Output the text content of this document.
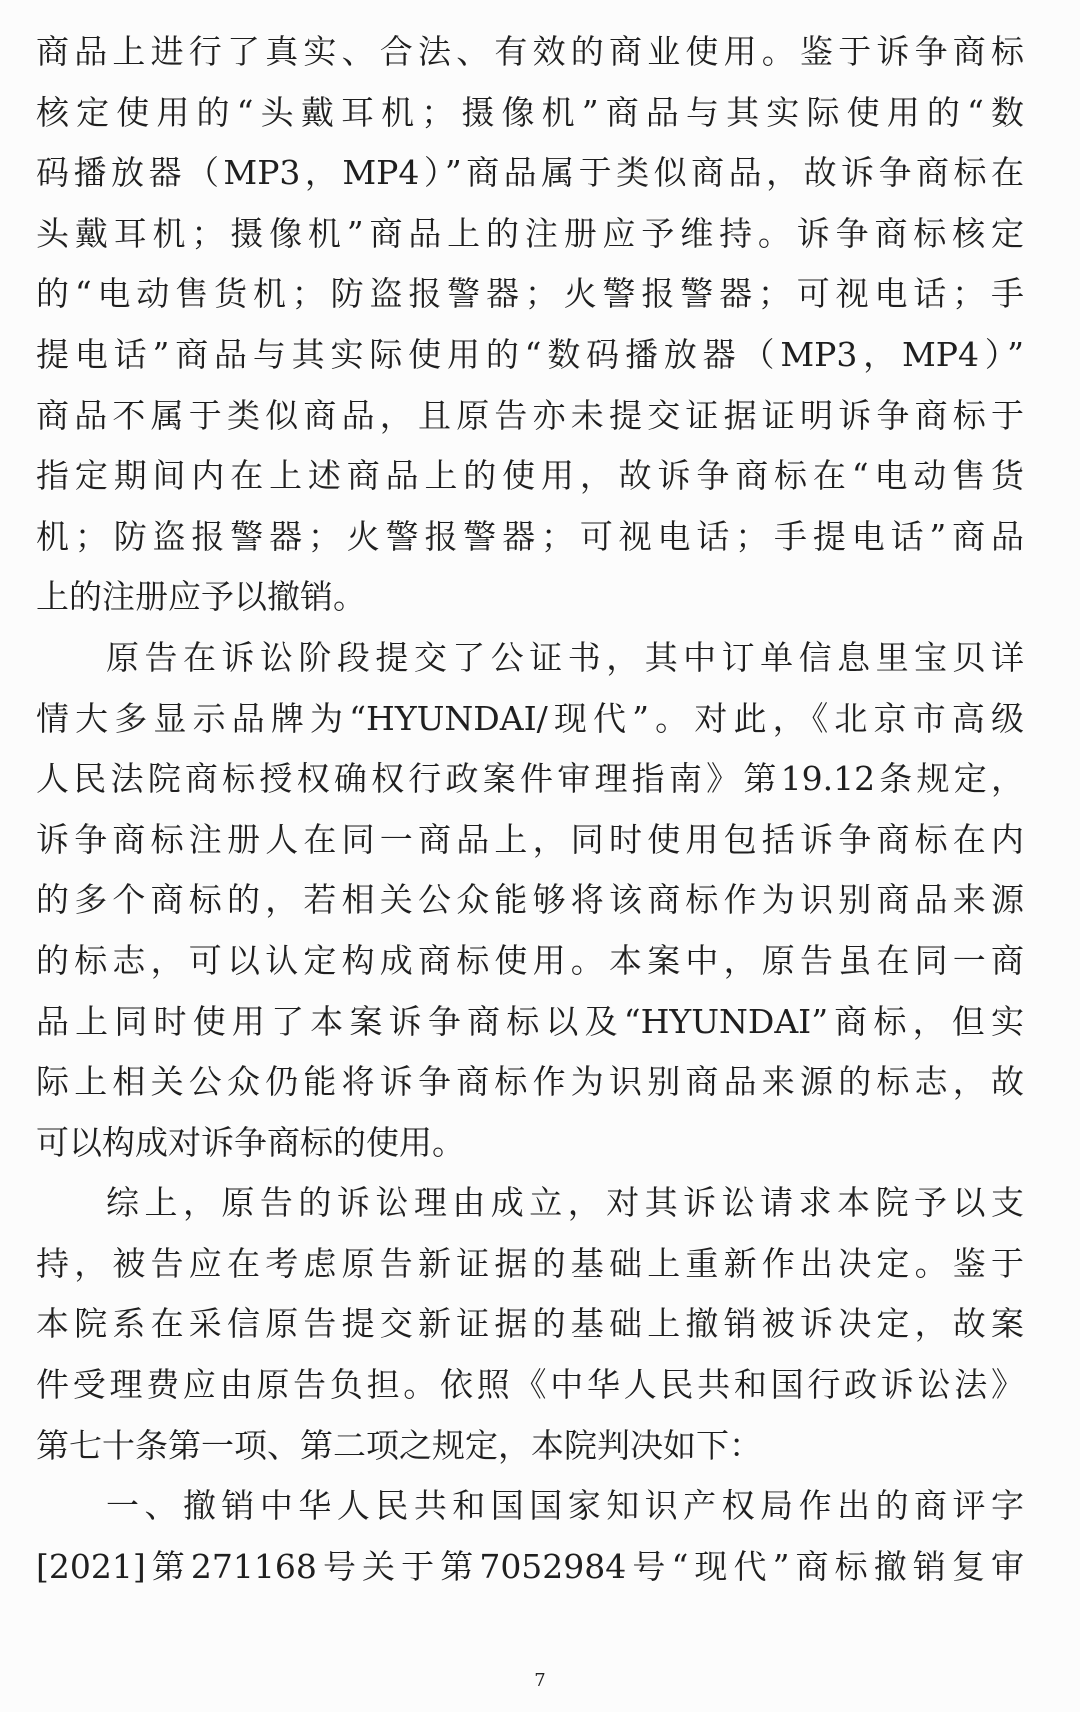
商品上进行了真实、合法、有效的商业使用。鉴于诉争商标
核定使用的“头戴耳机；摄像机”商品与其实际使用的“数
码播放器（MP3，MP4）”商品属于类似商品，故诉争商标在
头戴耳机；摄像机”商品上的注册应予维持。诉争商标核定
的“电动售货机；防盗报警器；火警报警器；可视电话；手
提电话”商品与其实际使用的“数码播放器（MP3，MP4）”
商品不属于类似商品，且原告亦未提交证据证明诉争商标于
指定期间内在上述商品上的使用，故诉争商标在“电动售货
机；防盗报警器；火警报警器；可视电话；手提电话”商品
上的注册应予以撤销。
原告在诉讼阶段提交了公证书，其中订单信息里宝贝详
情大多显示品牌为“HYUNDAI/现代”。对此，《北京市高级
人民法院商标授权确权行政案件审理指南》第19.12条规定，
诉争商标注册人在同一商品上，同时使用包括诉争商标在内
的多个商标的，若相关公众能够将该商标作为识别商品来源
的标志，可以认定构成商标使用。本案中，原告虽在同一商
品上同时使用了本案诉争商标以及“HYUNDAI”商标，但实
际上相关公众仍能将诉争商标作为识别商品来源的标志，故
可以构成对诉争商标的使用。
综上，原告的诉讼理由成立，对其诉讼请求本院予以支
持，被告应在考虑原告新证据的基础上重新作出决定。鉴于
本院系在采信原告提交新证据的基础上撤销被诉决定，故案
件受理费应由原告负担。依照《中华人民共和国行政诉讼法》
第七十条第一项、第二项之规定，本院判决如下：
一、撤销中华人民共和国国家知识产权局作出的商评字
[2021]第271168号关于第7052984号“现代”商标撤销复审
7
